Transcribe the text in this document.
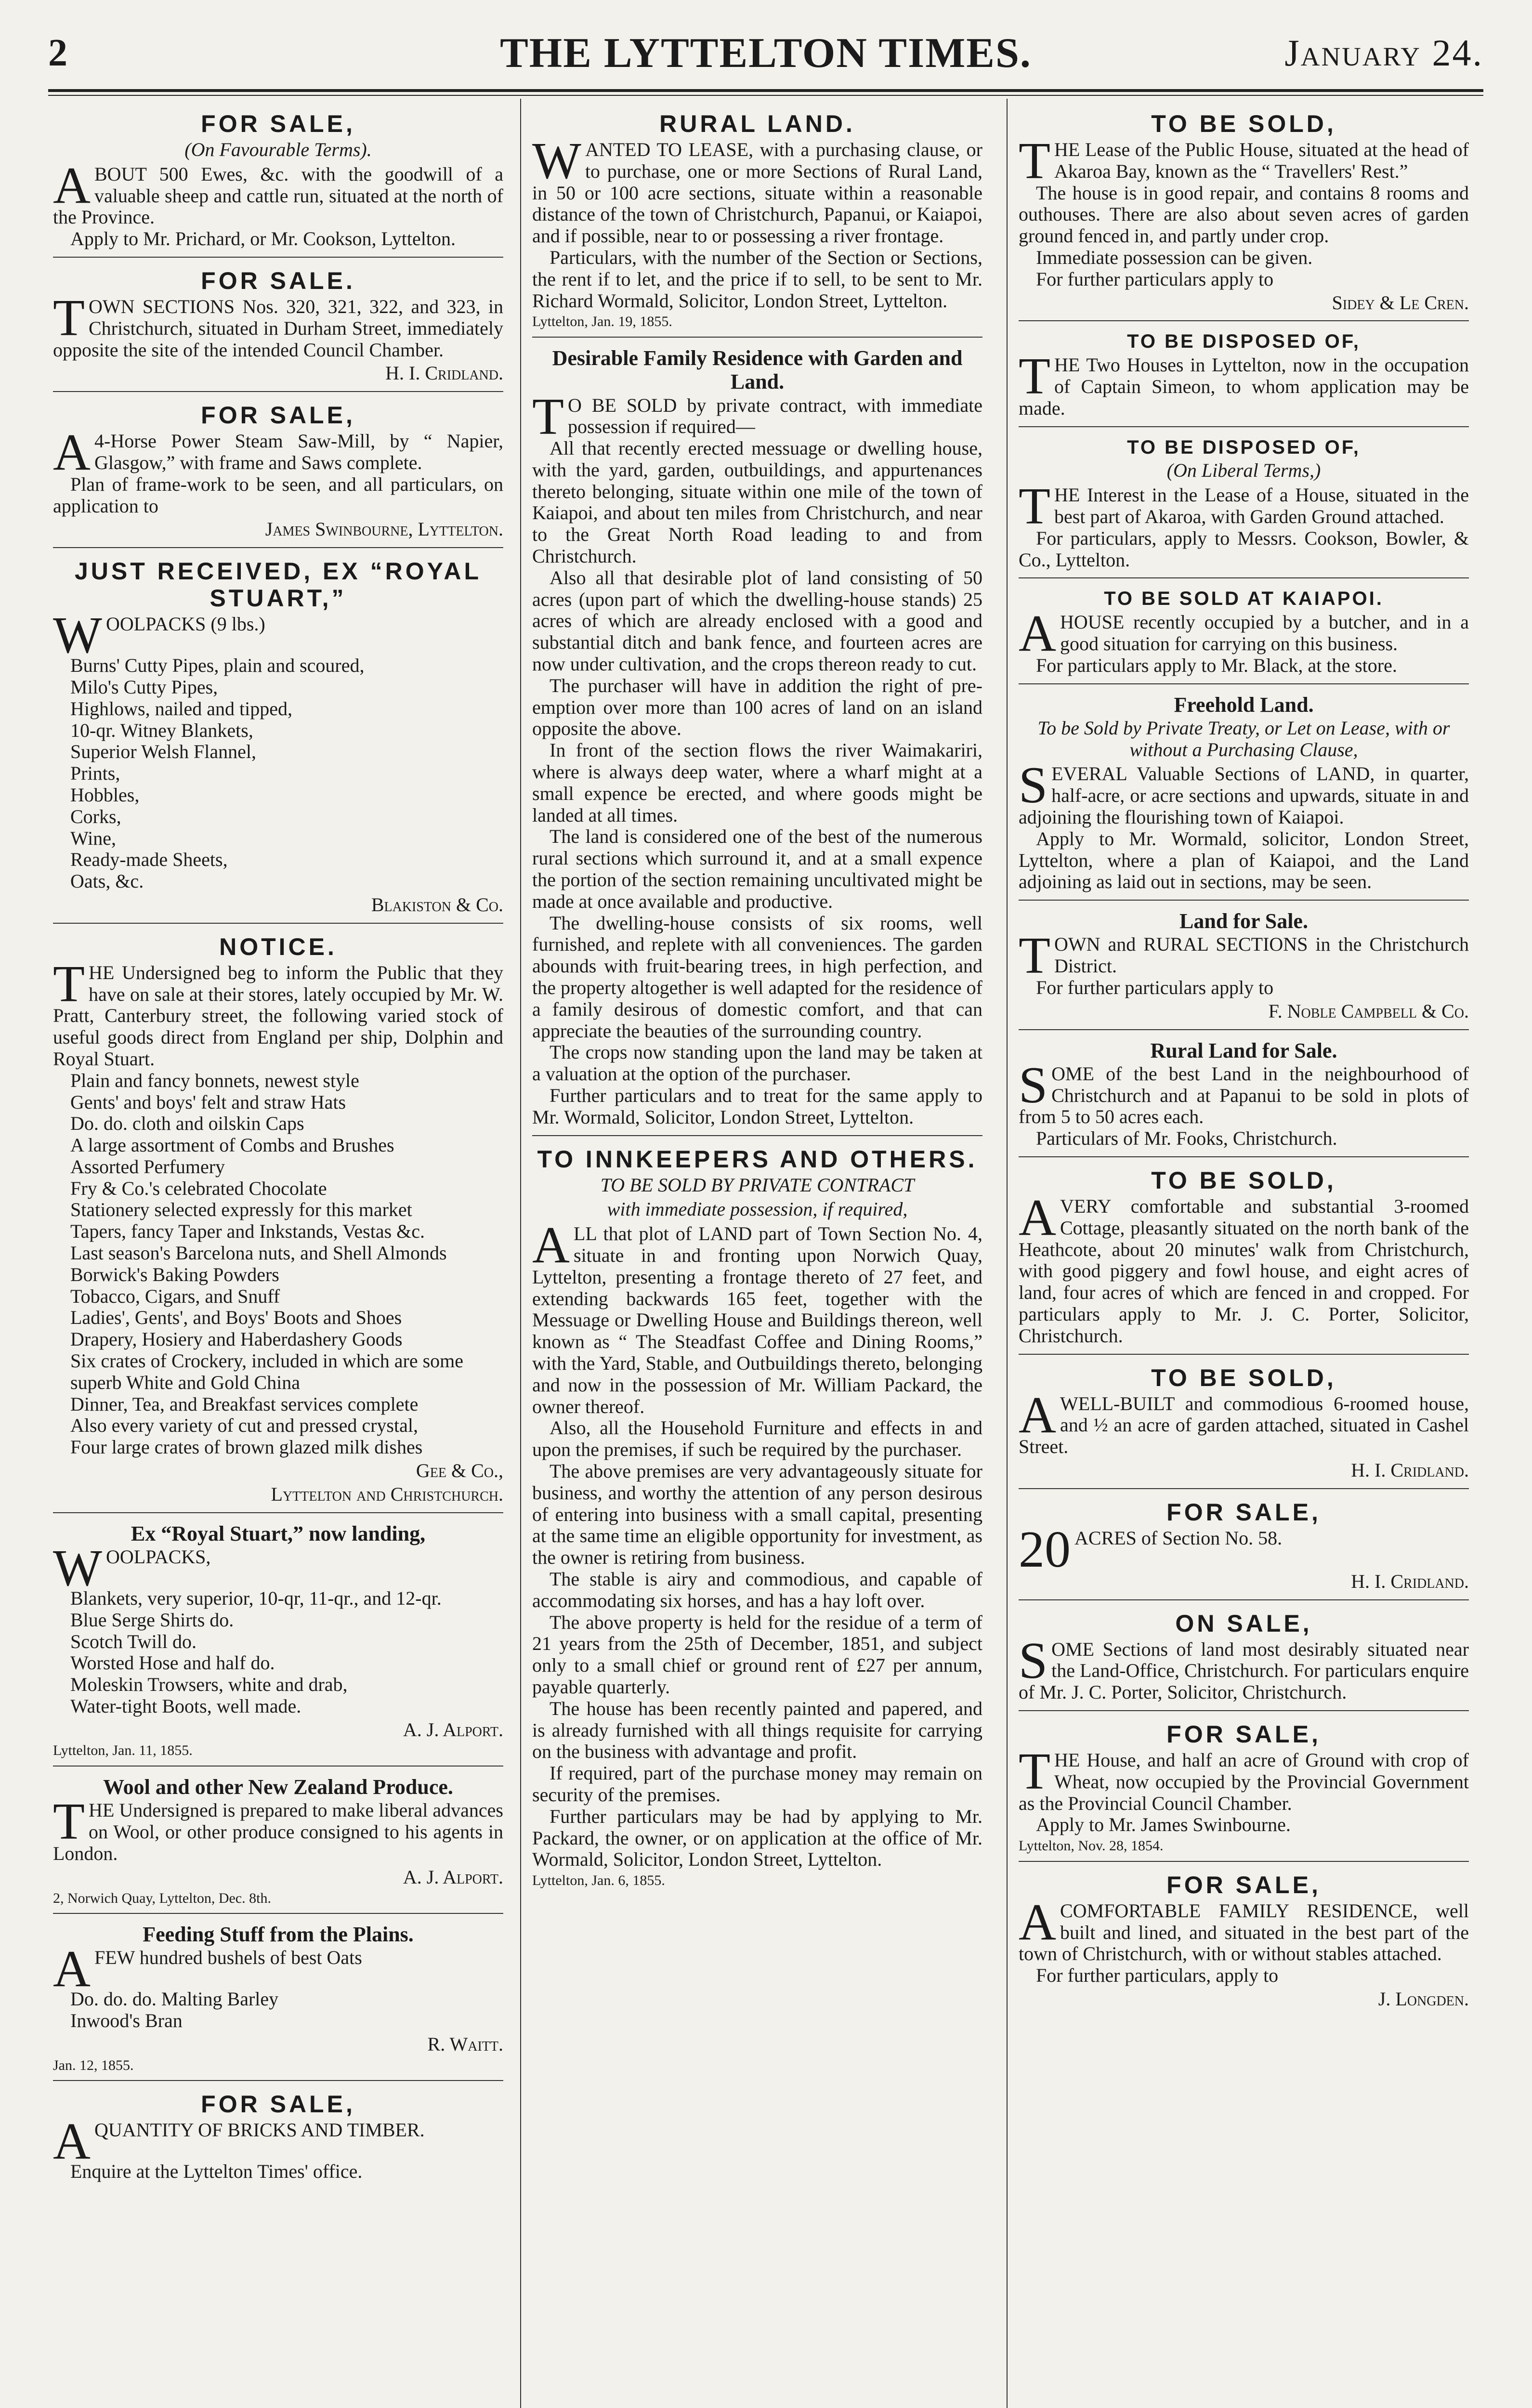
2	THE LYTTELTON TIMES.	January 24.
FOR SALE,
(On Favourable Terms).

ABOUT 500 Ewes, &c. with the goodwill of a valuable sheep and cattle run, situated at the north of the Province.

Apply to Mr. Prichard, or Mr. Cookson, Lyttelton.

FOR SALE.

TOWN SECTIONS Nos. 320, 321, 322, and 323, in Christchurch, situated in Durham Street, immediately opposite the site of the intended Council Chamber.

H. I. Cridland.
FOR SALE,

A 4-Horse Power Steam Saw-Mill, by “ Napier, Glasgow,” with frame and Saws complete.

Plan of frame-work to be seen, and all particulars, on application to

James Swinbourne, Lyttelton.
JUST RECEIVED, EX “ROYAL STUART,”

WOOLPACKS (9 lbs.)

Burns' Cutty Pipes, plain and scoured,
Milo's Cutty Pipes,
Highlows, nailed and tipped,
10-qr. Witney Blankets,
Superior Welsh Flannel,
Prints,
Hobbles,
Corks,
Wine,
Ready-made Sheets,
Oats, &c.
Blakiston & Co.
NOTICE.

THE Undersigned beg to inform the Public that they have on sale at their stores, lately occupied by Mr. W. Pratt, Canterbury street, the following varied stock of useful goods direct from England per ship, Dolphin and Royal Stuart.

Plain and fancy bonnets, newest style
Gents' and boys' felt and straw Hats
Do. do. cloth and oilskin Caps
A large assortment of Combs and Brushes
Assorted Perfumery
Fry & Co.'s celebrated Chocolate
Stationery selected expressly for this market
Tapers, fancy Taper and Inkstands, Vestas &c.
Last season's Barcelona nuts, and Shell Almonds
Borwick's Baking Powders
Tobacco, Cigars, and Snuff
Ladies', Gents', and Boys' Boots and Shoes
Drapery, Hosiery and Haberdashery Goods
Six crates of Crockery, included in which are some superb White and Gold China
Dinner, Tea, and Breakfast services complete
Also every variety of cut and pressed crystal,
Four large crates of brown glazed milk dishes
Gee & Co.,
Lyttelton and Christchurch.
Ex “Royal Stuart,” now landing,

WOOLPACKS,

Blankets, very superior, 10-qr, 11-qr., and 12-qr.
Blue Serge Shirts do.
Scotch Twill do.
Worsted Hose and half do.
Moleskin Trowsers, white and drab,
Water-tight Boots, well made.
A. J. Alport.
Lyttelton, Jan. 11, 1855.
Wool and other New Zealand Produce.

THE Undersigned is prepared to make liberal advances on Wool, or other produce consigned to his agents in London.

A. J. Alport.
2, Norwich Quay, Lyttelton, Dec. 8th.
Feeding Stuff from the Plains.

AFEW hundred bushels of best Oats

Do. do. do. Malting Barley
Inwood's Bran
R. Waitt.
Jan. 12, 1855.
FOR SALE,

AQUANTITY OF BRICKS AND TIMBER.

Enquire at the Lyttelton Times' office.

RURAL LAND.

WANTED TO LEASE, with a purchasing clause, or to purchase, one or more Sections of Rural Land, in 50 or 100 acre sections, situate within a reasonable distance of the town of Christchurch, Papanui, or Kaiapoi, and if possible, near to or possessing a river frontage.

Particulars, with the number of the Section or Sections, the rent if to let, and the price if to sell, to be sent to Mr. Richard Wormald, Solicitor, London Street, Lyttelton.

Lyttelton, Jan. 19, 1855.
Desirable Family Residence with Garden and Land.

T O BE SOLD by private contract, with immediate possession if required—

All that recently erected messuage or dwelling house, with the yard, garden, outbuildings, and appurtenances thereto belonging, situate within one mile of the town of Kaiapoi, and about ten miles from Christchurch, and near to the Great North Road leading to and from Christchurch.

Also all that desirable plot of land consisting of 50 acres (upon part of which the dwelling-house stands) 25 acres of which are already enclosed with a good and substantial ditch and bank fence, and fourteen acres are now under cultivation, and the crops thereon ready to cut.

The purchaser will have in addition the right of pre-emption over more than 100 acres of land on an island opposite the above.

In front of the section flows the river Waimakariri, where is always deep water, where a wharf might at a small expence be erected, and where goods might be landed at all times.

The land is considered one of the best of the numerous rural sections which surround it, and at a small expence the portion of the section remaining uncultivated might be made at once available and productive.

The dwelling-house consists of six rooms, well furnished, and replete with all conveniences. The garden abounds with fruit-bearing trees, in high perfection, and the property altogether is well adapted for the residence of a family desirous of domestic comfort, and that can appreciate the beauties of the surrounding country.

The crops now standing upon the land may be taken at a valuation at the option of the purchaser.

Further particulars and to treat for the same apply to Mr. Wormald, Solicitor, London Street, Lyttelton.

TO INNKEEPERS AND OTHERS.
TO BE SOLD BY PRIVATE CONTRACT
with immediate possession, if required,

ALL that plot of LAND part of Town Section No. 4, situate in and fronting upon Norwich Quay, Lyttelton, presenting a frontage thereto of 27 feet, and extending backwards 165 feet, together with the Messuage or Dwelling House and Buildings thereon, well known as “ The Steadfast Coffee and Dining Rooms,” with the Yard, Stable, and Outbuildings thereto, belonging and now in the possession of Mr. William Packard, the owner thereof.

Also, all the Household Furniture and effects in and upon the premises, if such be required by the purchaser.

The above premises are very advantageously situate for business, and worthy the attention of any person desirous of entering into business with a small capital, presenting at the same time an eligible opportunity for investment, as the owner is retiring from business.

The stable is airy and commodious, and capable of accommodating six horses, and has a hay loft over.

The above property is held for the residue of a term of 21 years from the 25th of December, 1851, and subject only to a small chief or ground rent of £27 per annum, payable quarterly.

The house has been recently painted and papered, and is already furnished with all things requisite for carrying on the business with advantage and profit.

If required, part of the purchase money may remain on security of the premises.

Further particulars may be had by applying to Mr. Packard, the owner, or on application at the office of Mr. Wormald, Solicitor, London Street, Lyttelton.

Lyttelton, Jan. 6, 1855.
TO BE SOLD,

THE Lease of the Public House, situated at the head of Akaroa Bay, known as the “ Travellers' Rest.”

The house is in good repair, and contains 8 rooms and outhouses. There are also about seven acres of garden ground fenced in, and partly under crop.

Immediate possession can be given.

For further particulars apply to

Sidey & Le Cren.
TO BE DISPOSED OF,

THE Two Houses in Lyttelton, now in the occupation of Captain Simeon, to whom application may be made.

TO BE DISPOSED OF,
(On Liberal Terms,)

THE Interest in the Lease of a House, situated in the best part of Akaroa, with Garden Ground attached.

For particulars, apply to Messrs. Cookson, Bowler, & Co., Lyttelton.

TO BE SOLD AT KAIAPOI.

AHOUSE recently occupied by a butcher, and in a good situation for carrying on this business.

For particulars apply to Mr. Black, at the store.

Freehold Land.
To be Sold by Private Treaty, or Let on Lease, with or without a Purchasing Clause,

SEVERAL Valuable Sections of LAND, in quarter, half-acre, or acre sections and upwards, situate in and adjoining the flourishing town of Kaiapoi.

Apply to Mr. Wormald, solicitor, London Street, Lyttelton, where a plan of Kaiapoi, and the Land adjoining as laid out in sections, may be seen.

Land for Sale.

TOWN and RURAL SECTIONS in the Christchurch District.

For further particulars apply to

F. Noble Campbell & Co.
Rural Land for Sale.

SOME of the best Land in the neighbourhood of Christchurch and at Papanui to be sold in plots of from 5 to 50 acres each.

Particulars of Mr. Fooks, Christchurch.

TO BE SOLD,

AVERY comfortable and substantial 3-roomed Cottage, pleasantly situated on the north bank of the Heathcote, about 20 minutes' walk from Christchurch, with good piggery and fowl house, and eight acres of land, four acres of which are fenced in and cropped. For particulars apply to Mr. J. C. Porter, Solicitor, Christchurch.

TO BE SOLD,

AWELL-BUILT and commodious 6-roomed house, and ½ an acre of garden attached, situated in Cashel Street.

H. I. Cridland.
FOR SALE,

20 ACRES of Section No. 58.

H. I. Cridland.
ON SALE,

SOME Sections of land most desirably situated near the Land-Office, Christchurch. For particulars enquire of Mr. J. C. Porter, Solicitor, Christchurch.

FOR SALE,

THE House, and half an acre of Ground with crop of Wheat, now occupied by the Provincial Government as the Provincial Council Chamber.

Apply to Mr. James Swinbourne.

Lyttelton, Nov. 28, 1854.
FOR SALE,

ACOMFORTABLE FAMILY RESIDENCE, well built and lined, and situated in the best part of the town of Christchurch, with or without stables attached.

For further particulars, apply to

J. Longden.
